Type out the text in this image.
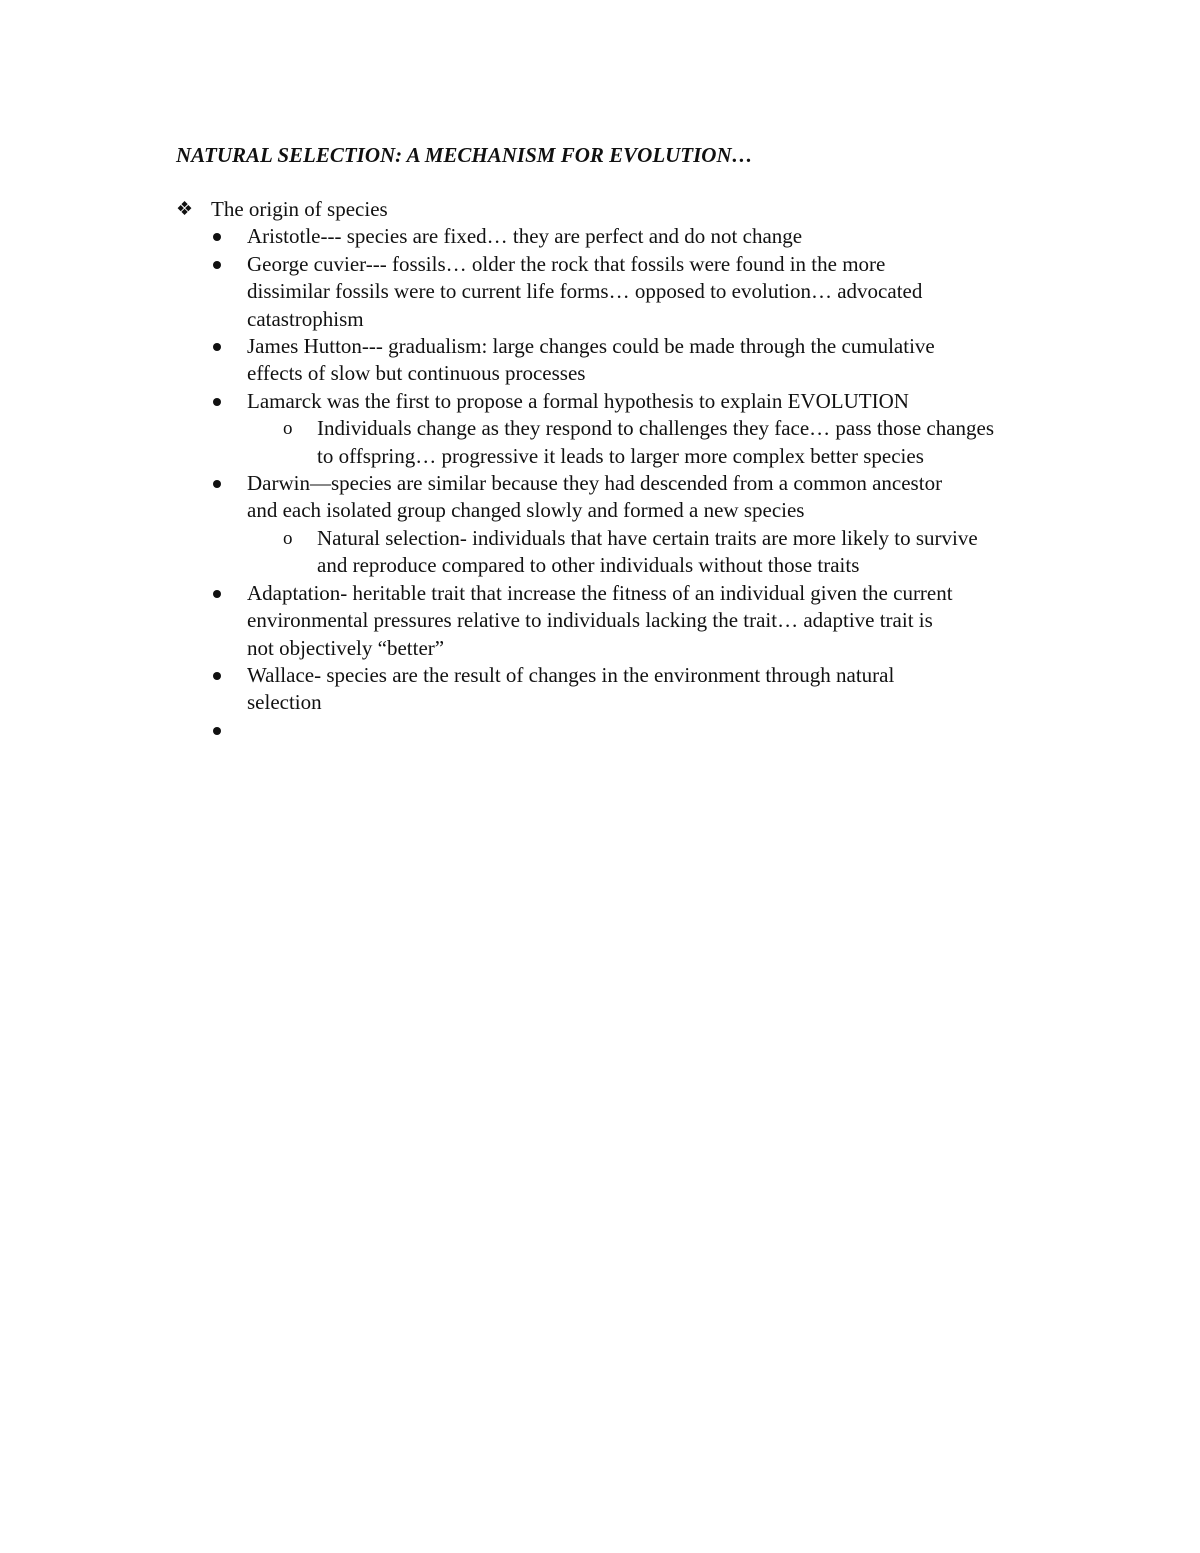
NATURAL SELECTION: A MECHANISM FOR EVOLUTION…
❖ The origin of species
Aristotle--- species are fixed… they are perfect and do not change
George cuvier--- fossils… older the rock that fossils were found in the more dissimilar fossils were to current life forms… opposed to evolution… advocated catastrophism
James Hutton--- gradualism: large changes could be made through the cumulative effects of slow but continuous processes
Lamarck was the first to propose a formal hypothesis to explain EVOLUTION
o Individuals change as they respond to challenges they face… pass those changes to offspring… progressive it leads to larger more complex better species
Darwin—species are similar because they had descended from a common ancestor and each isolated group changed slowly and formed a new species
o Natural selection- individuals that have certain traits are more likely to survive and reproduce compared to other individuals without those traits
Adaptation- heritable trait that increase the fitness of an individual given the current environmental pressures relative to individuals lacking the trait… adaptive trait is not objectively “better”
Wallace- species are the result of changes in the environment through natural selection
